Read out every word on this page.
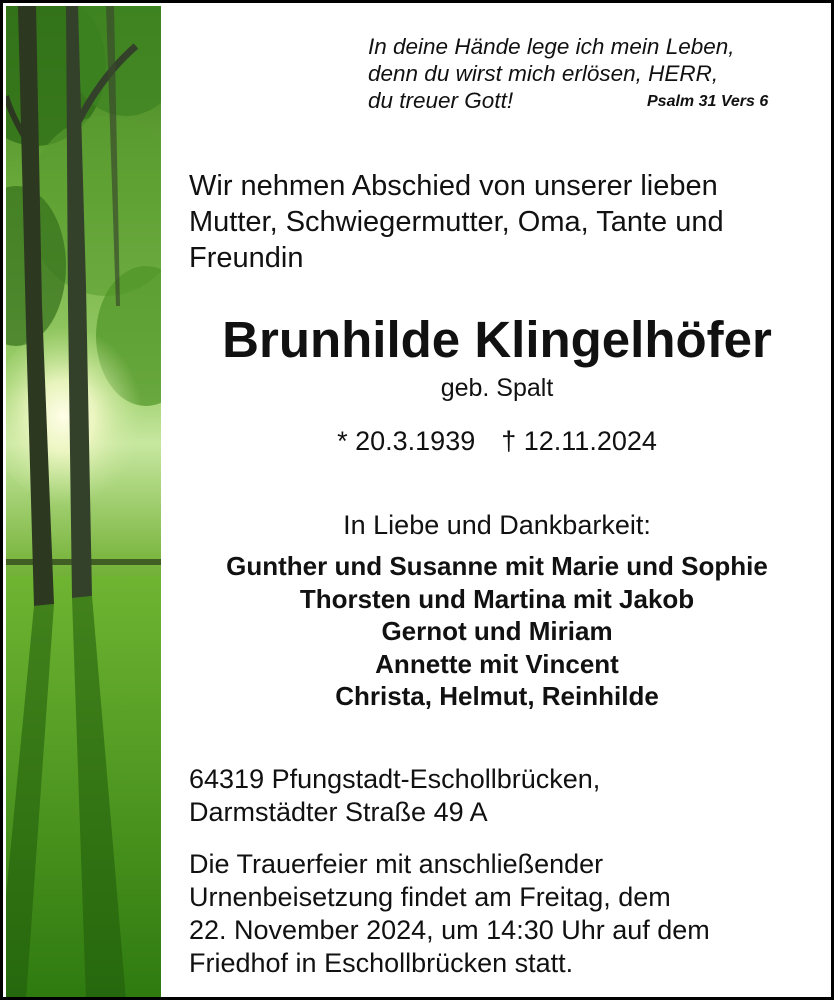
In deine Hände lege ich mein Leben,
denn du wirst mich erlösen, HERR,
du treuer Gott!	Psalm 31 Vers 6
Wir nehmen Abschied von unserer lieben
Mutter, Schwiegermutter, Oma, Tante und
Freundin
Brunhilde Klingelhöfer
geb. Spalt
* 20.3.1939 † 12.11.2024
In Liebe und Dankbarkeit:
Gunther und Susanne mit Marie und Sophie
Thorsten und Martina mit Jakob
Gernot und Miriam
Annette mit Vincent
Christa, Helmut, Reinhilde
64319 Pfungstadt-Eschollbrücken,
Darmstädter Straße 49 A
Die Trauerfeier mit anschließender
Urnenbeisetzung findet am Freitag, dem
22. November 2024, um 14:30 Uhr auf dem
Friedhof in Eschollbrücken statt.
